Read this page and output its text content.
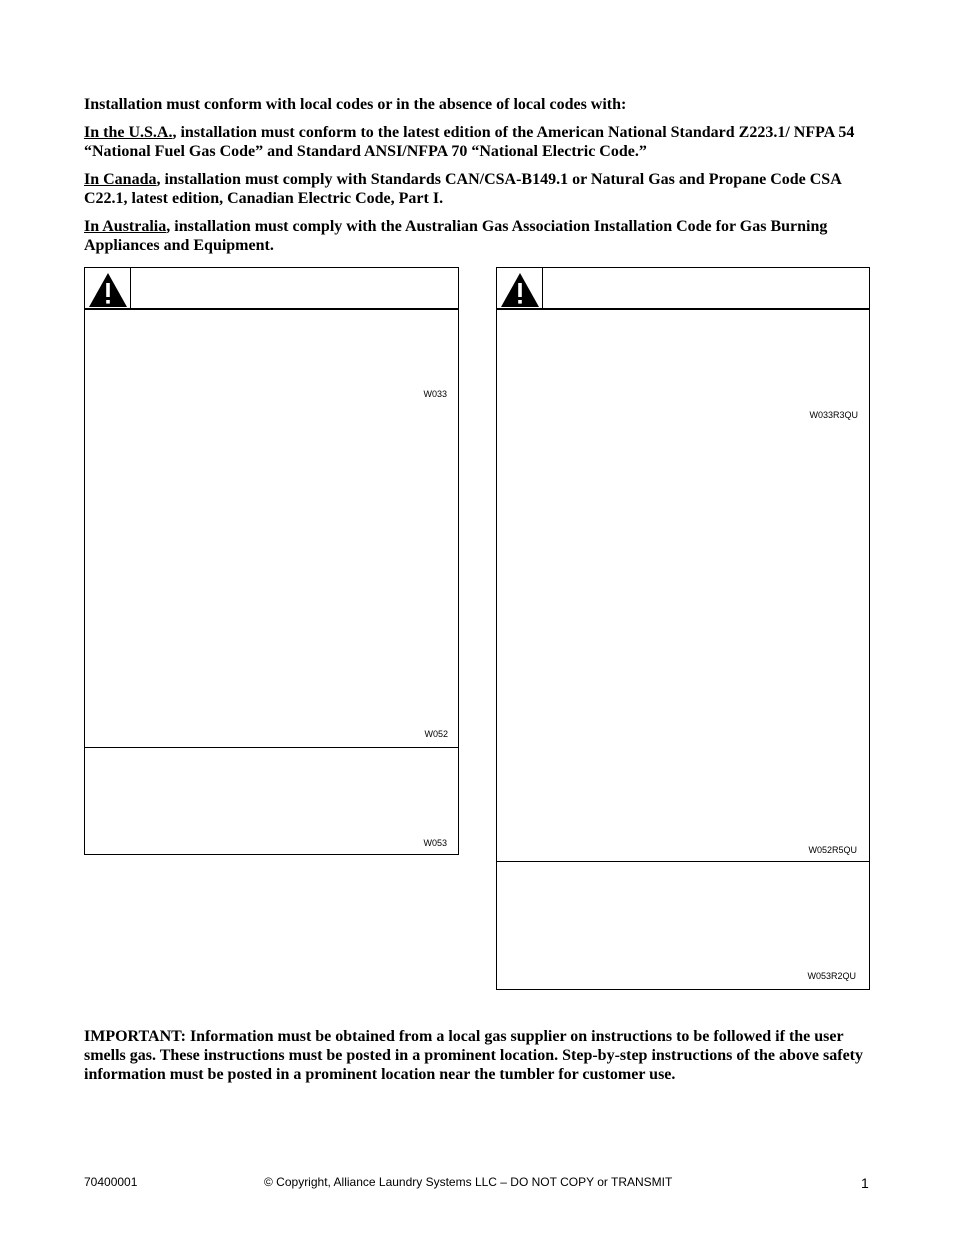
Installation must conform with local codes or in the absence of local codes with:
In the U.S.A., installation must conform to the latest edition of the American National Standard Z223.1/ NFPA 54 “National Fuel Gas Code” and Standard ANSI/NFPA 70 “National Electric Code.”
In Canada, installation must comply with Standards CAN/CSA-B149.1 or Natural Gas and Propane Code CSA C22.1, latest edition, Canadian Electric Code, Part I.
In Australia, installation must comply with the Australian Gas Association Installation Code for Gas Burning Appliances and Equipment.
W033
W052
W053
W033R3QU
W052R5QU
W053R2QU
IMPORTANT: Information must be obtained from a local gas supplier on instructions to be followed if the user smells gas. These instructions must be posted in a prominent location. Step-by-step instructions of the above safety information must be posted in a prominent location near the tumbler for customer use.
70400001	© Copyright, Alliance Laundry Systems LLC – DO NOT COPY or TRANSMIT	1
